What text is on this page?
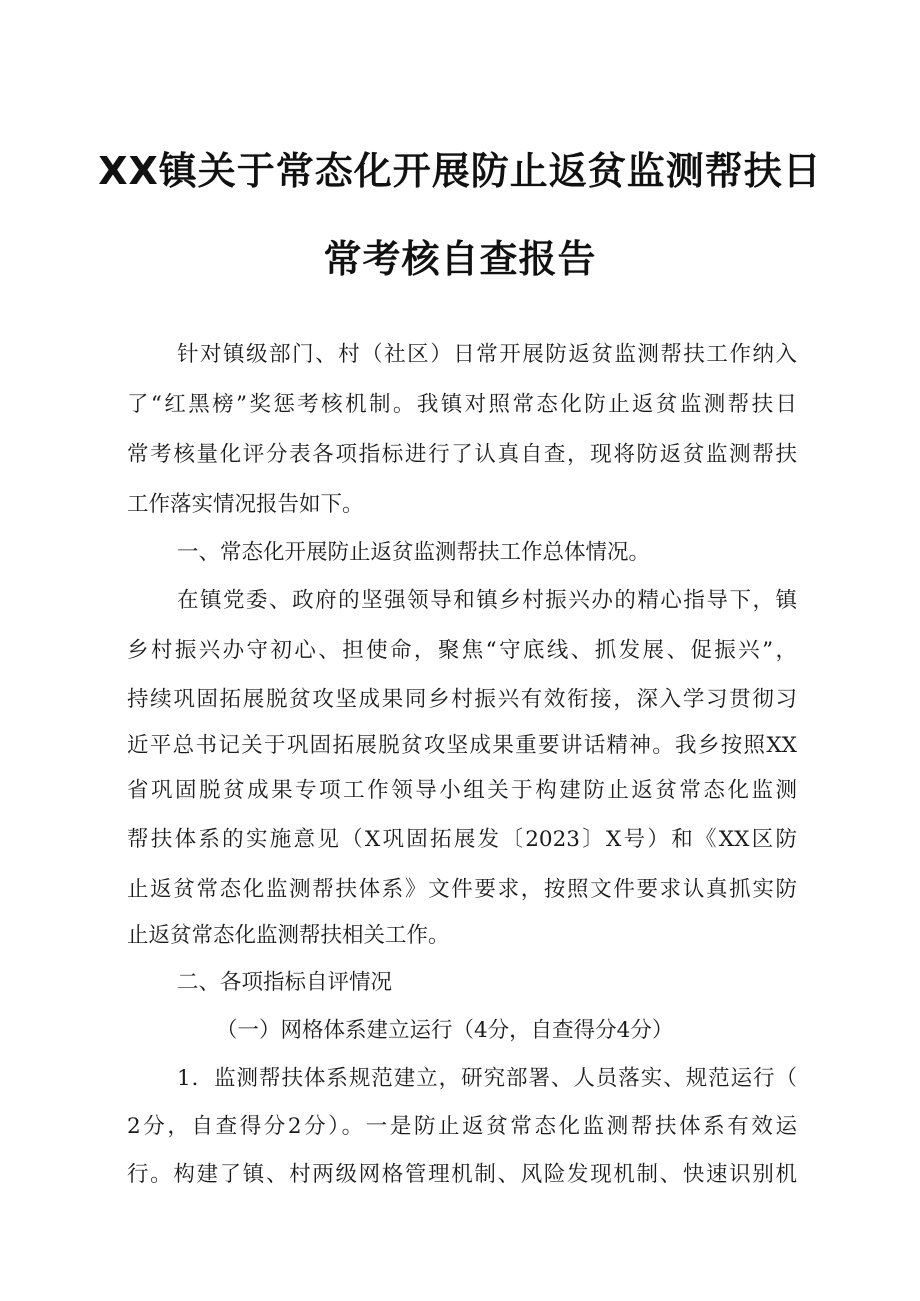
XX镇关于常态化开展防止返贫监测帮扶日
常考核自查报告
针对镇级部门、村（社区）日常开展防返贫监测帮扶工作纳入
了“红黑榜”奖惩考核机制。我镇对照常态化防止返贫监测帮扶日
常考核量化评分表各项指标进行了认真自查，现将防返贫监测帮扶
工作落实情况报告如下。
一、常态化开展防止返贫监测帮扶工作总体情况。
在镇党委、政府的坚强领导和镇乡村振兴办的精心指导下，镇
乡村振兴办守初心、担使命，聚焦“守底线、抓发展、促振兴”，
持续巩固拓展脱贫攻坚成果同乡村振兴有效衔接，深入学习贯彻习
近平总书记关于巩固拓展脱贫攻坚成果重要讲话精神。我乡按照XX
省巩固脱贫成果专项工作领导小组关于构建防止返贫常态化监测
帮扶体系的实施意见（X巩固拓展发〔2023〕X号）和《XX区防
止返贫常态化监测帮扶体系》文件要求，按照文件要求认真抓实防
止返贫常态化监测帮扶相关工作。
二、各项指标自评情况
（一）网格体系建立运行（4分，自查得分4分）
1．监测帮扶体系规范建立，研究部署、人员落实、规范运行（
2分，自查得分2分）。一是防止返贫常态化监测帮扶体系有效运
行。构建了镇、村两级网格管理机制、风险发现机制、快速识别机
